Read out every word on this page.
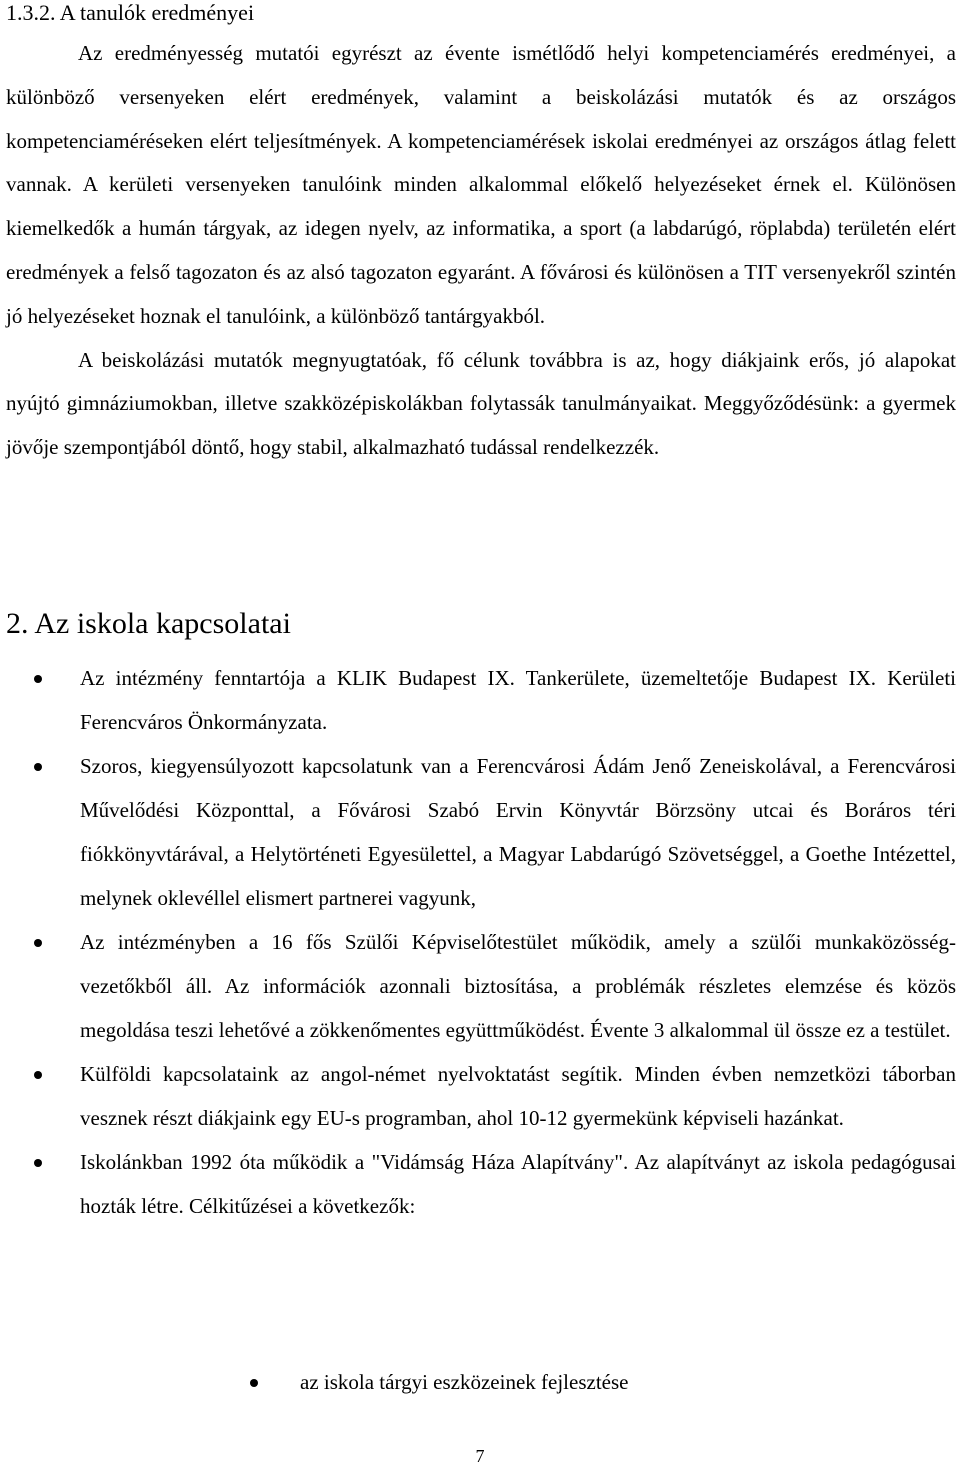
1.3.2. A tanulók eredményei

Az eredményesség mutatói egyrészt az évente ismétlődő helyi kompetenciamérés eredményei, a különböző versenyeken elért eredmények, valamint a beiskolázási mutatók és az országos kompetenciaméréseken elért teljesítmények. A kompetenciamérések iskolai eredményei az országos átlag felett vannak. A kerületi versenyeken tanulóink minden alkalommal előkelő helyezéseket érnek el. Különösen kiemelkedők a humán tárgyak, az idegen nyelv, az informatika, a sport (a labdarúgó, röplabda) területén elért eredmények a felső tagozaton és az alsó tagozaton egyaránt. A fővárosi és különösen a TIT versenyekről szintén jó helyezéseket hoznak el tanulóink, a különböző tantárgyakból.

A beiskolázási mutatók megnyugtatóak, fő célunk továbbra is az, hogy diákjaink erős, jó alapokat nyújtó gimnáziumokban, illetve szakközépiskolákban folytassák tanulmányaikat. Meggyőződésünk: a gyermek jövője szempontjából döntő, hogy stabil, alkalmazható tudással rendelkezzék.

2. Az iskola kapcsolatai
Az intézmény fenntartója a KLIK Budapest IX. Tankerülete, üzemeltetője Budapest IX. Kerületi Ferencváros Önkormányzata.
Szoros, kiegyensúlyozott kapcsolatunk van a Ferencvárosi Ádám Jenő Zeneiskolával, a Ferencvárosi Művelődési Központtal, a Fővárosi Szabó Ervin Könyvtár Börzsöny utcai és Boráros téri fiókkönyvtárával, a Helytörténeti Egyesülettel, a Magyar Labdarúgó Szövetséggel, a Goethe Intézettel, melynek oklevéllel elismert partnerei vagyunk,
Az intézményben a 16 fős Szülői Képviselőtestület működik, amely a szülői munkaközösség-vezetőkből áll. Az információk azonnali biztosítása, a problémák részletes elemzése és közös megoldása teszi lehetővé a zökkenőmentes együttműködést. Évente 3 alkalommal ül össze ez a testület.
Külföldi kapcsolataink az angol-német nyelvoktatást segítik. Minden évben nemzetközi táborban vesznek részt diákjaink egy EU-s programban, ahol 10-12 gyermekünk képviseli hazánkat.
Iskolánkban 1992 óta működik a "Vidámság Háza Alapítvány". Az alapítványt az iskola pedagógusai hozták létre. Célkitűzései a következők:
az iskola tárgyi eszközeinek fejlesztése
7
